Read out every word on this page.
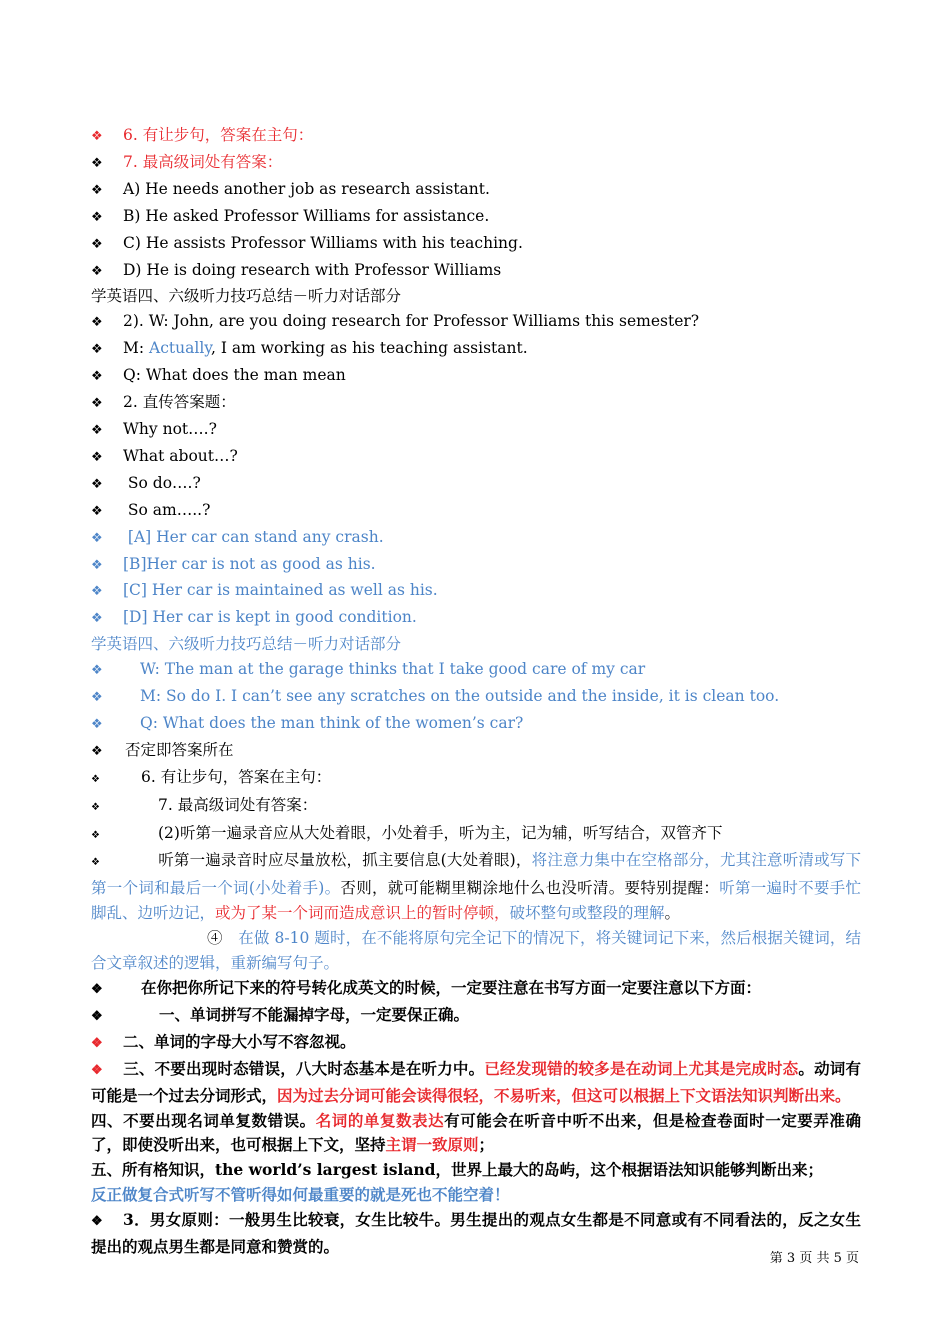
❖ 6. 有让步句，答案在主句：
❖ 7. 最高级词处有答案：
❖ A) He needs another job as research assistant.
❖ B) He asked Professor Williams for assistance.
❖ C) He assists Professor Williams with his teaching.
❖ D) He is doing research with Professor Williams
学英语四、六级听力技巧总结－听力对话部分
❖ 2). W: John, are you doing research for Professor Williams this semester?
❖ M: Actually, I am working as his teaching assistant.
❖ Q: What does the man mean
❖ 2. 直传答案题：
❖ Why not….?
❖ What about…?
❖ So do….?
❖ So am…..?
❖ [A] Her car can stand any crash.
❖ [B]Her car is not as good as his.
❖ [C] Her car is maintained as well as his.
❖ [D] Her car is kept in good condition.
学英语四、六级听力技巧总结－听力对话部分
❖ W: The man at the garage thinks that I take good care of my car
❖ M: So do I. I can’t see any scratches on the outside and the inside, it is clean too.
❖ Q: What does the man think of the women’s car?
❖ 否定即答案所在
❖	6. 有让步句，答案在主句：
❖	7. 最高级词处有答案：
❖	(2)听第一遍录音应从大处着眼，小处着手，听为主，记为辅，听写结合，双管齐下
❖	听第一遍录音时应尽量放松，抓主要信息(大处着眼)，将注意力集中在空格部分，尤其注意听清或写下第一个词和最后一个词(小处着手)。否则，就可能糊里糊涂地什么也没听清。要特别提醒：听第一遍时不要手忙脚乱、边听边记，或为了某一个词而造成意识上的暂时停顿，破坏整句或整段的理解。
④　在做 8-10 题时，在不能将原句完全记下的情况下，将关键词记下来，然后根据关键词，结合文章叙述的逻辑，重新编写句子。
❖ 在你把你所记下来的符号转化成英文的时候，一定要注意在书写方面一定要注意以下方面：
❖	一、单词拼写不能漏掉字母，一定要保正确。
❖ 二、单词的字母大小写不容忽视。
❖ 三、不要出现时态错误，八大时态基本是在听力中。已经发现错的较多是在动词上尤其是完成时态。动词有可能是一个过去分词形式，因为过去分词可能会读得很轻，不易听来，但这可以根据上下文语法知识判断出来。
四、不要出现名词单复数错误。名词的单复数表达有可能会在听音中听不出来，但是检查卷面时一定要弄准确了，即使没听出来，也可根据上下文，坚持主谓一致原则；
五、所有格知识，the world’s largest island，世界上最大的岛屿，这个根据语法知识能够判断出来；
反正做复合式听写不管听得如何最重要的就是死也不能空着！
❖ 3．男女原则：一般男生比较衰，女生比较牛。男生提出的观点女生都是不同意或有不同看法的，反之女生提出的观点男生都是同意和赞赏的。
第 3 页 共 5 页
